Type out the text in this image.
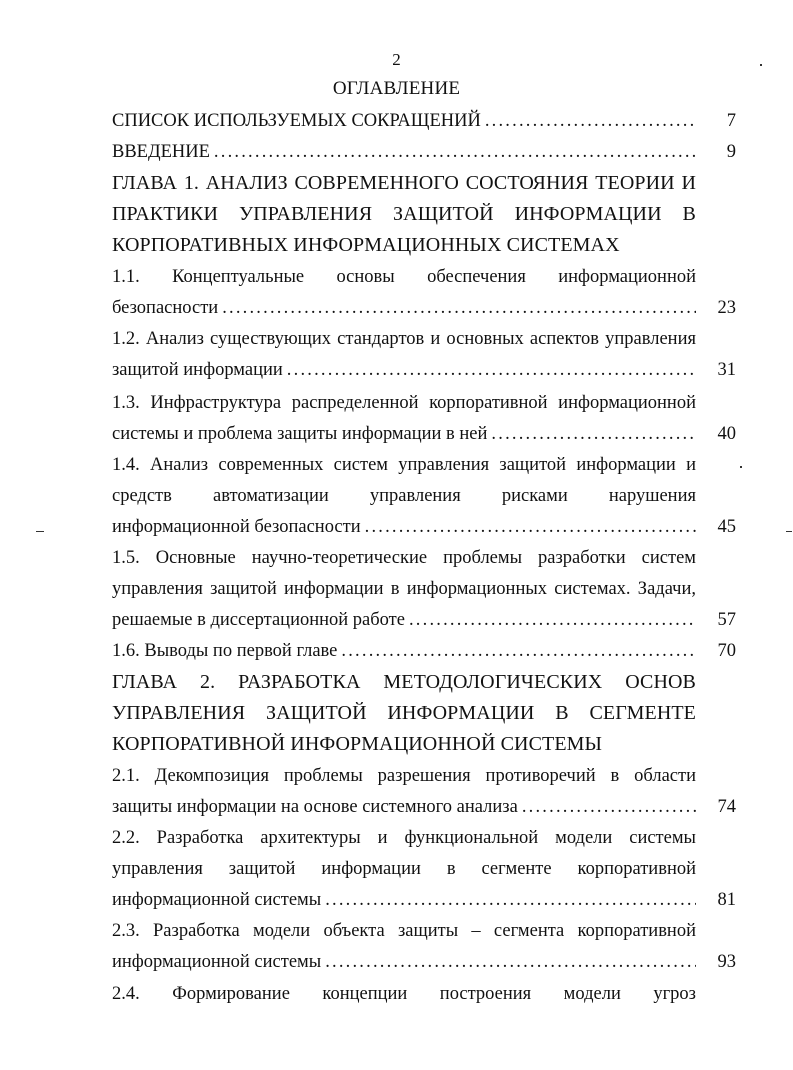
2
ОГЛАВЛЕНИЕ
СПИСОК ИСПОЛЬЗУЕМЫХ СОКРАЩЕНИЙ .....	7
ВВЕДЕНИЕ .....	9
ГЛАВА 1. АНАЛИЗ СОВРЕМЕННОГО СОСТОЯНИЯ ТЕОРИИ И
ПРАКТИКИ УПРАВЛЕНИЯ ЗАЩИТОЙ ИНФОРМАЦИИ В
КОРПОРАТИВНЫХ ИНФОРМАЦИОННЫХ СИСТЕМАХ
1.1. Концептуальные основы обеспечения информационной
безопасности .....	23
1.2. Анализ существующих стандартов и основных аспектов управления
защитой информации .....	31
1.3. Инфраструктура распределенной корпоративной информационной
системы и проблема защиты информации в ней .....	40
1.4. Анализ современных систем управления защитой информации и
средств автоматизации управления рисками нарушения
информационной безопасности .....	45
1.5. Основные научно-теоретические проблемы разработки систем
управления защитой информации в информационных системах. Задачи,
решаемые в диссертационной работе .....	57
1.6. Выводы по первой главе .....	70
ГЛАВА 2. РАЗРАБОТКА МЕТОДОЛОГИЧЕСКИХ ОСНОВ
УПРАВЛЕНИЯ ЗАЩИТОЙ ИНФОРМАЦИИ В СЕГМЕНТЕ
КОРПОРАТИВНОЙ ИНФОРМАЦИОННОЙ СИСТЕМЫ
2.1. Декомпозиция проблемы разрешения противоречий в области
защиты информации на основе системного анализа .....	74
2.2. Разработка архитектуры и функциональной модели системы
управления защитой информации в сегменте корпоративной
информационной системы .....	81
2.3. Разработка модели объекта защиты – сегмента корпоративной
информационной системы .....	93
2.4. Формирование концепции построения модели угроз
